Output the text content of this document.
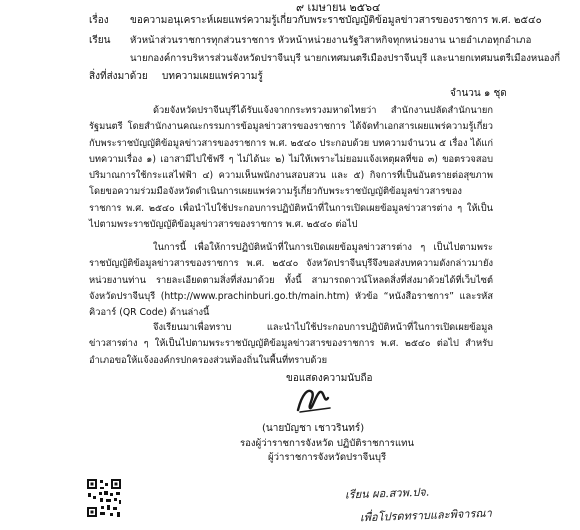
๙ เมษายน ๒๕๖๔
เรื่อง ขอความอนุเคราะห์เผยแพร่ความรู้เกี่ยวกับพระราชบัญญัติข้อมูลข่าวสารของราชการ พ.ศ. ๒๕๔๐
เรียน หัวหน้าส่วนราชการทุกส่วนราชการ หัวหน้าหน่วยงานรัฐวิสาหกิจทุกหน่วยงาน นายอำเภอทุกอำเภอ
นายกองค์การบริหารส่วนจังหวัดปราจีนบุรี นายกเทศมนตรีเมืองปราจีนบุรี และนายกเทศมนตรีเมืองหนองกี่
สิ่งที่ส่งมาด้วย บทความเผยแพร่ความรู้
จำนวน ๑ ชุด
ด้วยจังหวัดปราจีนบุรีได้รับแจ้งจากกระทรวงมหาดไทยว่า สำนักงานปลัดสำนักนายกรัฐมนตรี โดยสำนักงานคณะกรรมการข้อมูลข่าวสารของราชการ ได้จัดทำเอกสารเผยแพร่ความรู้เกี่ยวกับพระราชบัญญัติข้อมูลข่าวสารของราชการ พ.ศ. ๒๕๔๐ ประกอบด้วย บทความจำนวน ๕ เรื่อง ได้แก่ บทความเรื่อง ๑) เอาสามีไปใช้ฟรี ๆ ไม่ได้นะ ๒) ไม่ให้เพราะไม่ยอมแจ้งเหตุผลที่ขอ ๓) ขอตรวจสอบปริมาณการใช้กระแสไฟฟ้า ๔) ความเห็นพนักงานสอบสวน และ ๕) กิจการที่เป็นอันตรายต่อสุขภาพ โดยขอความร่วมมือจังหวัดดำเนินการเผยแพร่ความรู้เกี่ยวกับพระราชบัญญัติข้อมูลข่าวสารของราชการ พ.ศ. ๒๕๔๐ เพื่อนำไปใช้ประกอบการปฏิบัติหน้าที่ในการเปิดเผยข้อมูลข่าวสารต่าง ๆ ให้เป็นไปตามพระราชบัญญัติข้อมูลข่าวสารของราชการ พ.ศ. ๒๕๔๐ ต่อไป
ในการนี้ เพื่อให้การปฏิบัติหน้าที่ในการเปิดเผยข้อมูลข่าวสารต่าง ๆ เป็นไปตามพระราชบัญญัติข้อมูลข่าวสารของราชการ พ.ศ. ๒๕๔๐ จังหวัดปราจีนบุรีจึงขอส่งบทความดังกล่าวมายังหน่วยงานท่าน รายละเอียดตามสิ่งที่ส่งมาด้วย ทั้งนี้ สามารถดาวน์โหลดสิ่งที่ส่งมาด้วยได้ที่เว็บไซต์จังหวัดปราจีนบุรี (http://www.prachinburi.go.th/main.htm) หัวข้อ “หนังสือราชการ” และรหัสคิวอาร์ (QR Code) ด้านล่างนี้
จึงเรียนมาเพื่อทราบ และนำไปใช้ประกอบการปฏิบัติหน้าที่ในการเปิดเผยข้อมูลข่าวสารต่าง ๆ ให้เป็นไปตามพระราชบัญญัติข้อมูลข่าวสารของราชการ พ.ศ. ๒๕๔๐ ต่อไป สำหรับอำเภอขอให้แจ้งองค์กรปกครองส่วนท้องถิ่นในพื้นที่ทราบด้วย
ขอแสดงความนับถือ
(นายบัญชา เชาวรินทร์)
รองผู้ว่าราชการจังหวัด ปฏิบัติราชการแทน
ผู้ว่าราชการจังหวัดปราจีนบุรี
เรียน ผอ.สวพ.ปจ.
เพื่อโปรดทราบและพิจารณา
